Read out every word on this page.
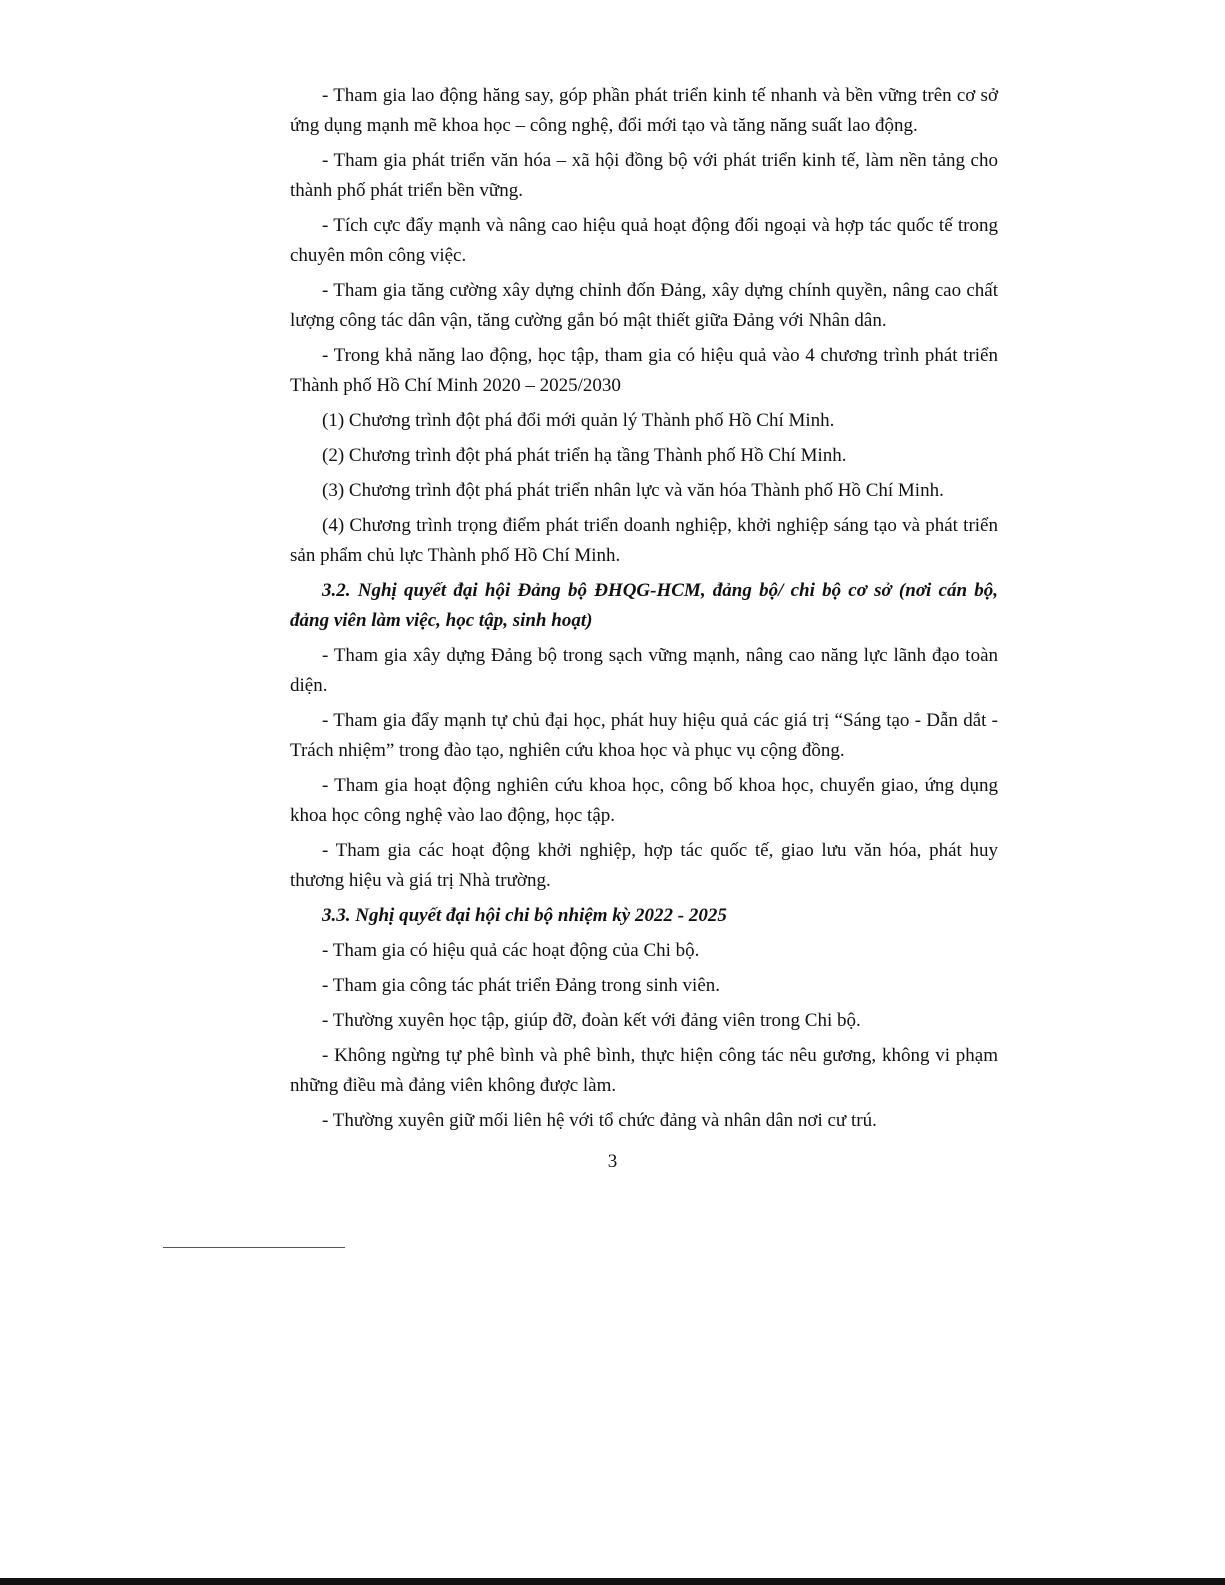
- Tham gia lao động hăng say, góp phần phát triển kinh tế nhanh và bền vững trên cơ sở ứng dụng mạnh mẽ khoa học – công nghệ, đổi mới tạo và tăng năng suất lao động.

- Tham gia phát triển văn hóa – xã hội đồng bộ với phát triển kinh tế, làm nền tảng cho thành phố phát triển bền vững.

- Tích cực đẩy mạnh và nâng cao hiệu quả hoạt động đối ngoại và hợp tác quốc tế trong chuyên môn công việc.

- Tham gia tăng cường xây dựng chỉnh đốn Đảng, xây dựng chính quyền, nâng cao chất lượng công tác dân vận, tăng cường gắn bó mật thiết giữa Đảng với Nhân dân.

- Trong khả năng lao động, học tập, tham gia có hiệu quả vào 4 chương trình phát triển Thành phố Hồ Chí Minh 2020 – 2025/2030

(1) Chương trình đột phá đổi mới quản lý Thành phố Hồ Chí Minh.

(2) Chương trình đột phá phát triển hạ tầng Thành phố Hồ Chí Minh.

(3) Chương trình đột phá phát triển nhân lực và văn hóa Thành phố Hồ Chí Minh.

(4) Chương trình trọng điểm phát triển doanh nghiệp, khởi nghiệp sáng tạo và phát triển sản phẩm chủ lực Thành phố Hồ Chí Minh.

3.2. Nghị quyết đại hội Đảng bộ ĐHQG-HCM, đảng bộ/ chi bộ cơ sở (nơi cán bộ, đảng viên làm việc, học tập, sinh hoạt)

- Tham gia xây dựng Đảng bộ trong sạch vững mạnh, nâng cao năng lực lãnh đạo toàn diện.

- Tham gia đẩy mạnh tự chủ đại học, phát huy hiệu quả các giá trị “Sáng tạo - Dẫn dắt - Trách nhiệm” trong đào tạo, nghiên cứu khoa học và phục vụ cộng đồng.

- Tham gia hoạt động nghiên cứu khoa học, công bố khoa học, chuyển giao, ứng dụng khoa học công nghệ vào lao động, học tập.

- Tham gia các hoạt động khởi nghiệp, hợp tác quốc tế, giao lưu văn hóa, phát huy thương hiệu và giá trị Nhà trường.

3.3. Nghị quyết đại hội chi bộ nhiệm kỳ 2022 - 2025

- Tham gia có hiệu quả các hoạt động của Chi bộ.

- Tham gia công tác phát triển Đảng trong sinh viên.

- Thường xuyên học tập, giúp đỡ, đoàn kết với đảng viên trong Chi bộ.

- Không ngừng tự phê bình và phê bình, thực hiện công tác nêu gương, không vi phạm những điều mà đảng viên không được làm.

- Thường xuyên giữ mối liên hệ với tổ chức đảng và nhân dân nơi cư trú.

3
